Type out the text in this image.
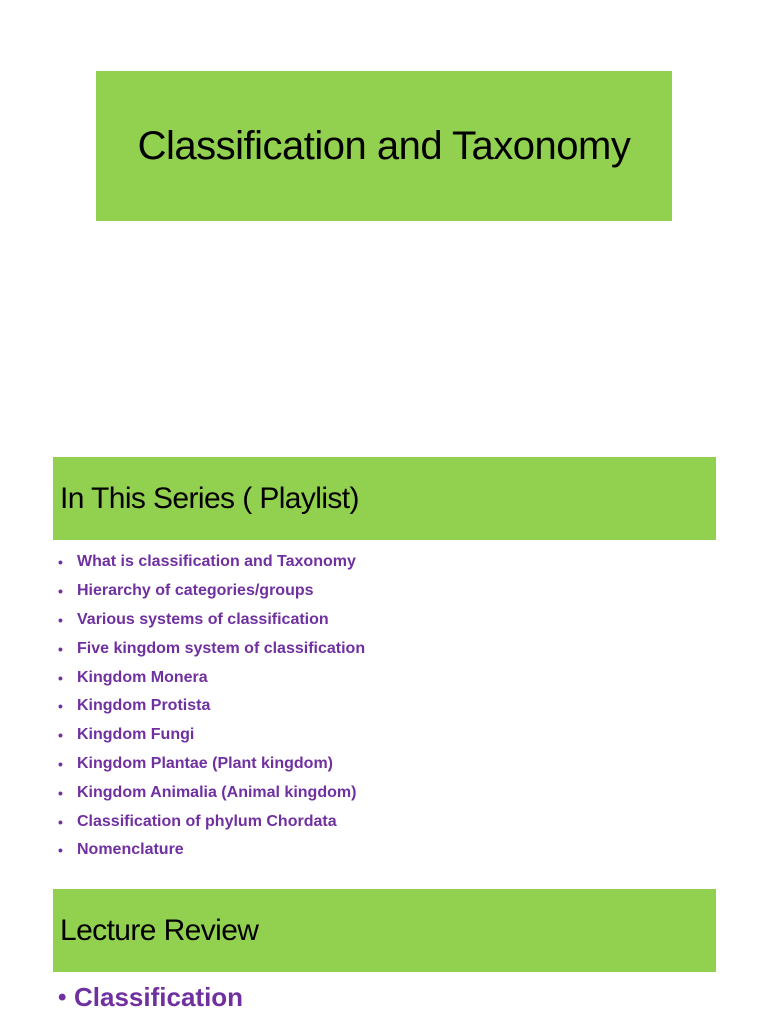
Classification and Taxonomy
In This Series ( Playlist)
• What is classification and Taxonomy
• Hierarchy of categories/groups
• Various systems of classification
• Five kingdom system of classification
• Kingdom Monera
• Kingdom Protista
• Kingdom Fungi
• Kingdom Plantae (Plant kingdom)
• Kingdom Animalia (Animal kingdom)
• Classification of phylum Chordata
• Nomenclature
Lecture Review
• Classification
